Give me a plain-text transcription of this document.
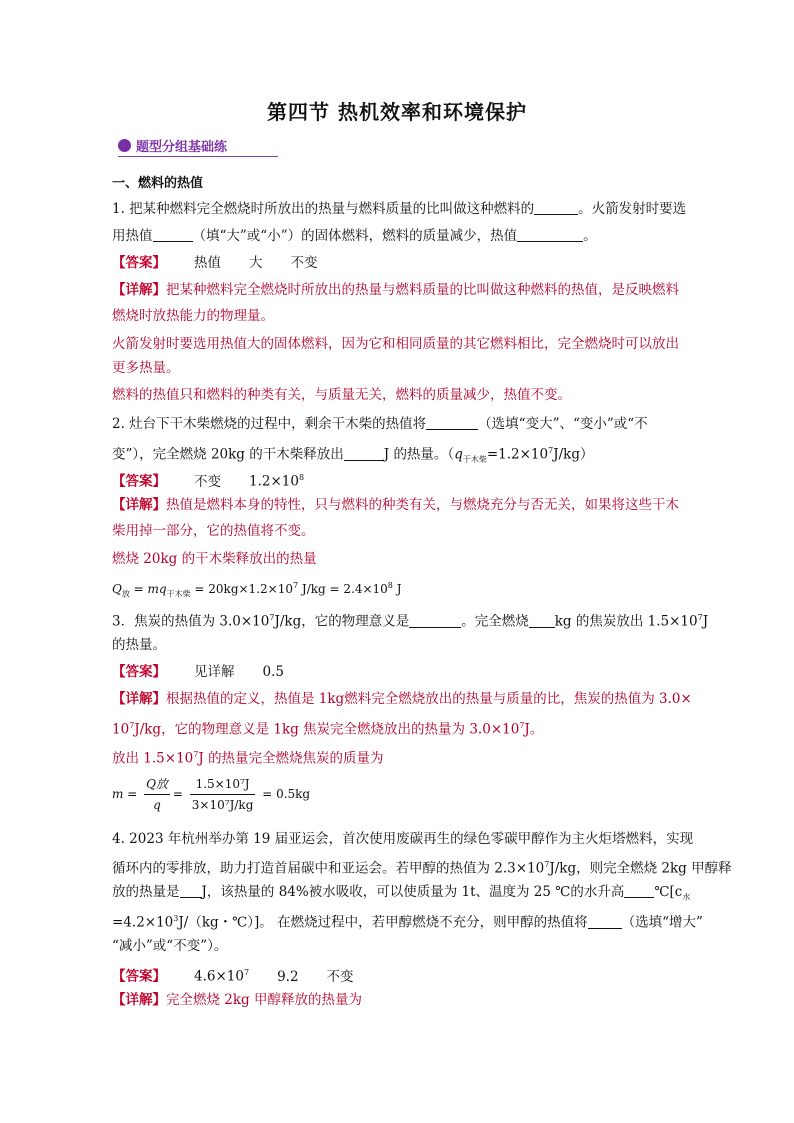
第四节 热机效率和环境保护
题型分组基础练
一、燃料的热值
1. 把某种燃料完全燃烧时所放出的热量与燃料质量的比叫做这种燃料的	。火箭发射时要选
用热值	（填“大”或“小”）的固体燃料，燃料的质量减少，热值	。
【答案】 热值 大 不变
【详解】把某种燃料完全燃烧时所放出的热量与燃料质量的比叫做这种燃料的热值，是反映燃料
燃烧时放热能力的物理量。
火箭发射时要选用热值大的固体燃料，因为它和相同质量的其它燃料相比，完全燃烧时可以放出
更多热量。
燃料的热值只和燃料的种类有关，与质量无关，燃料的质量减少，热值不变。
2. 灶台下干木柴燃烧的过程中，剩余干木柴的热值将	（选填“变大”、“变小”或“不
变”），完全燃烧 20kg 的干木柴释放出	J 的热量。$(q_{干木柴}=1.2\times 10^7J/kg)$
【答案】 不变 $1.2\times 10^8$
【详解】热值是燃料本身的特性，只与燃料的种类有关，与燃烧充分与否无关，如果将这些干木
柴用掉一部分，它的热值将不变。
燃烧 20kg 的干木柴释放出的热量
$Q_放 = mq_{干木柴} = 20kg\times 1.2\times 10^7$ $J/kg = 2.4\times 10^8$ J
3．焦炭的热值为 $3.0\times 10^7J/kg$，它的物理意义是	。完全燃烧 kg 的焦炭放出 $1.5\times 10^7J$
的热量。
【答案】 见详解 0.5
【详解】根据热值的定义，热值是 1kg燃料完全燃烧放出的热量与质量的比，焦炭的热值为 3.0×
$10^7J/kg$，它的物理意义是 1kg 焦炭完全燃烧放出的热量为 $3.0\times 10^7J$。
放出 $1.5\times 10^7J$ 的热量完全燃烧焦炭的质量为
$m = \frac{\text{Q放}}{q} = \frac{\text{1.5×10⁷J}}{\text{3×10⁷J/kg}} = 0.5kg$
4. 2023 年杭州举办第 19 届亚运会，首次使用废碳再生的绿色零碳甲醇作为主火炬塔燃料，实现
循环内的零排放，助力打造首届碳中和亚运会。若甲醇的热值为 $2.3\times 10^7J/kg$，则完全燃烧 2kg 甲醇释
放的热量是 J，该热量的 84%被水吸收，可以使质量为 1t、温度为 25 ℃的水升高 $℃[c_水$
$=4.2\times 10^3J/(kg$・℃）]。 在燃烧过程中，若甲醇燃烧不充分，则甲醇的热值将	（选填“增大”
“减小”或“不变”）。
【答案】 $4.6\times 10^7$ 9.2 不变
【详解】完全燃烧 2kg 甲醇释放的热量为
